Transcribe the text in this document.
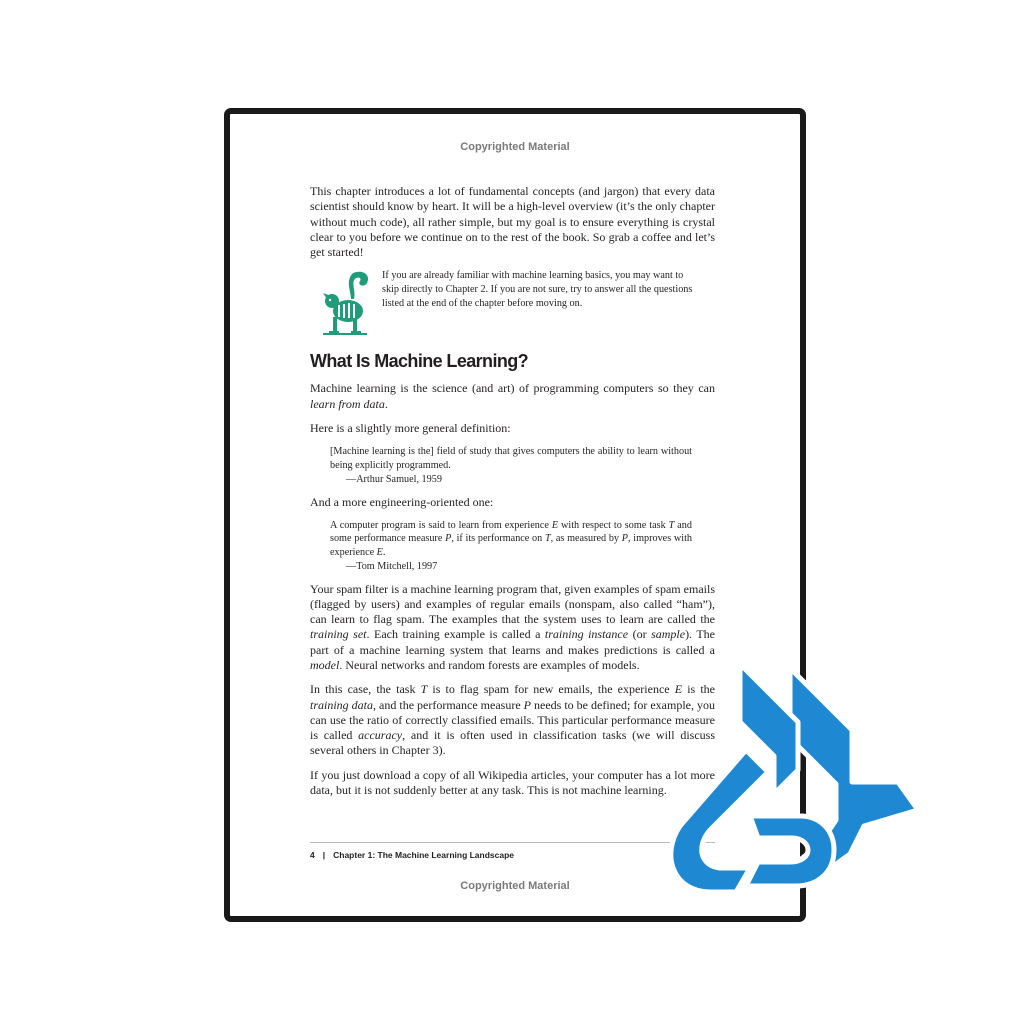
Copyrighted Material

This chapter introduces a lot of fundamental concepts (and jargon) that every data scientist should know by heart. It will be a high-level overview (it’s the only chapter without much code), all rather simple, but my goal is to ensure everything is crystal clear to you before we continue on to the rest of the book. So grab a coffee and let’s get started!

If you are already familiar with machine learning basics, you may want to skip directly to Chapter 2. If you are not sure, try to answer all the questions listed at the end of the chapter before moving on.
What Is Machine Learning?

Machine learning is the science (and art) of programming computers so they can learn from data.

Here is a slightly more general definition:

[Machine learning is the] field of study that gives computers the ability to learn without being explicitly programmed.
—Arthur Samuel, 1959

And a more engineering-oriented one:

A computer program is said to learn from experience E with respect to some task T and some performance measure P, if its performance on T, as measured by P, improves with experience E.
—Tom Mitchell, 1997

Your spam filter is a machine learning program that, given examples of spam emails (flagged by users) and examples of regular emails (nonspam, also called “ham”), can learn to flag spam. The examples that the system uses to learn are called the training set. Each training example is called a training instance (or sample). The part of a machine learning system that learns and makes predictions is called a model. Neural networks and random forests are examples of models.

In this case, the task T is to flag spam for new emails, the experience E is the training data, and the performance measure P needs to be defined; for example, you can use the ratio of correctly classified emails. This particular performance measure is called accuracy, and it is often used in classification tasks (we will discuss several others in Chapter 3).

If you just download a copy of all Wikipedia articles, your computer has a lot more data, but it is not suddenly better at any task. This is not machine learning.

4 | Chapter 1: The Machine Learning Landscape
Copyrighted Material
